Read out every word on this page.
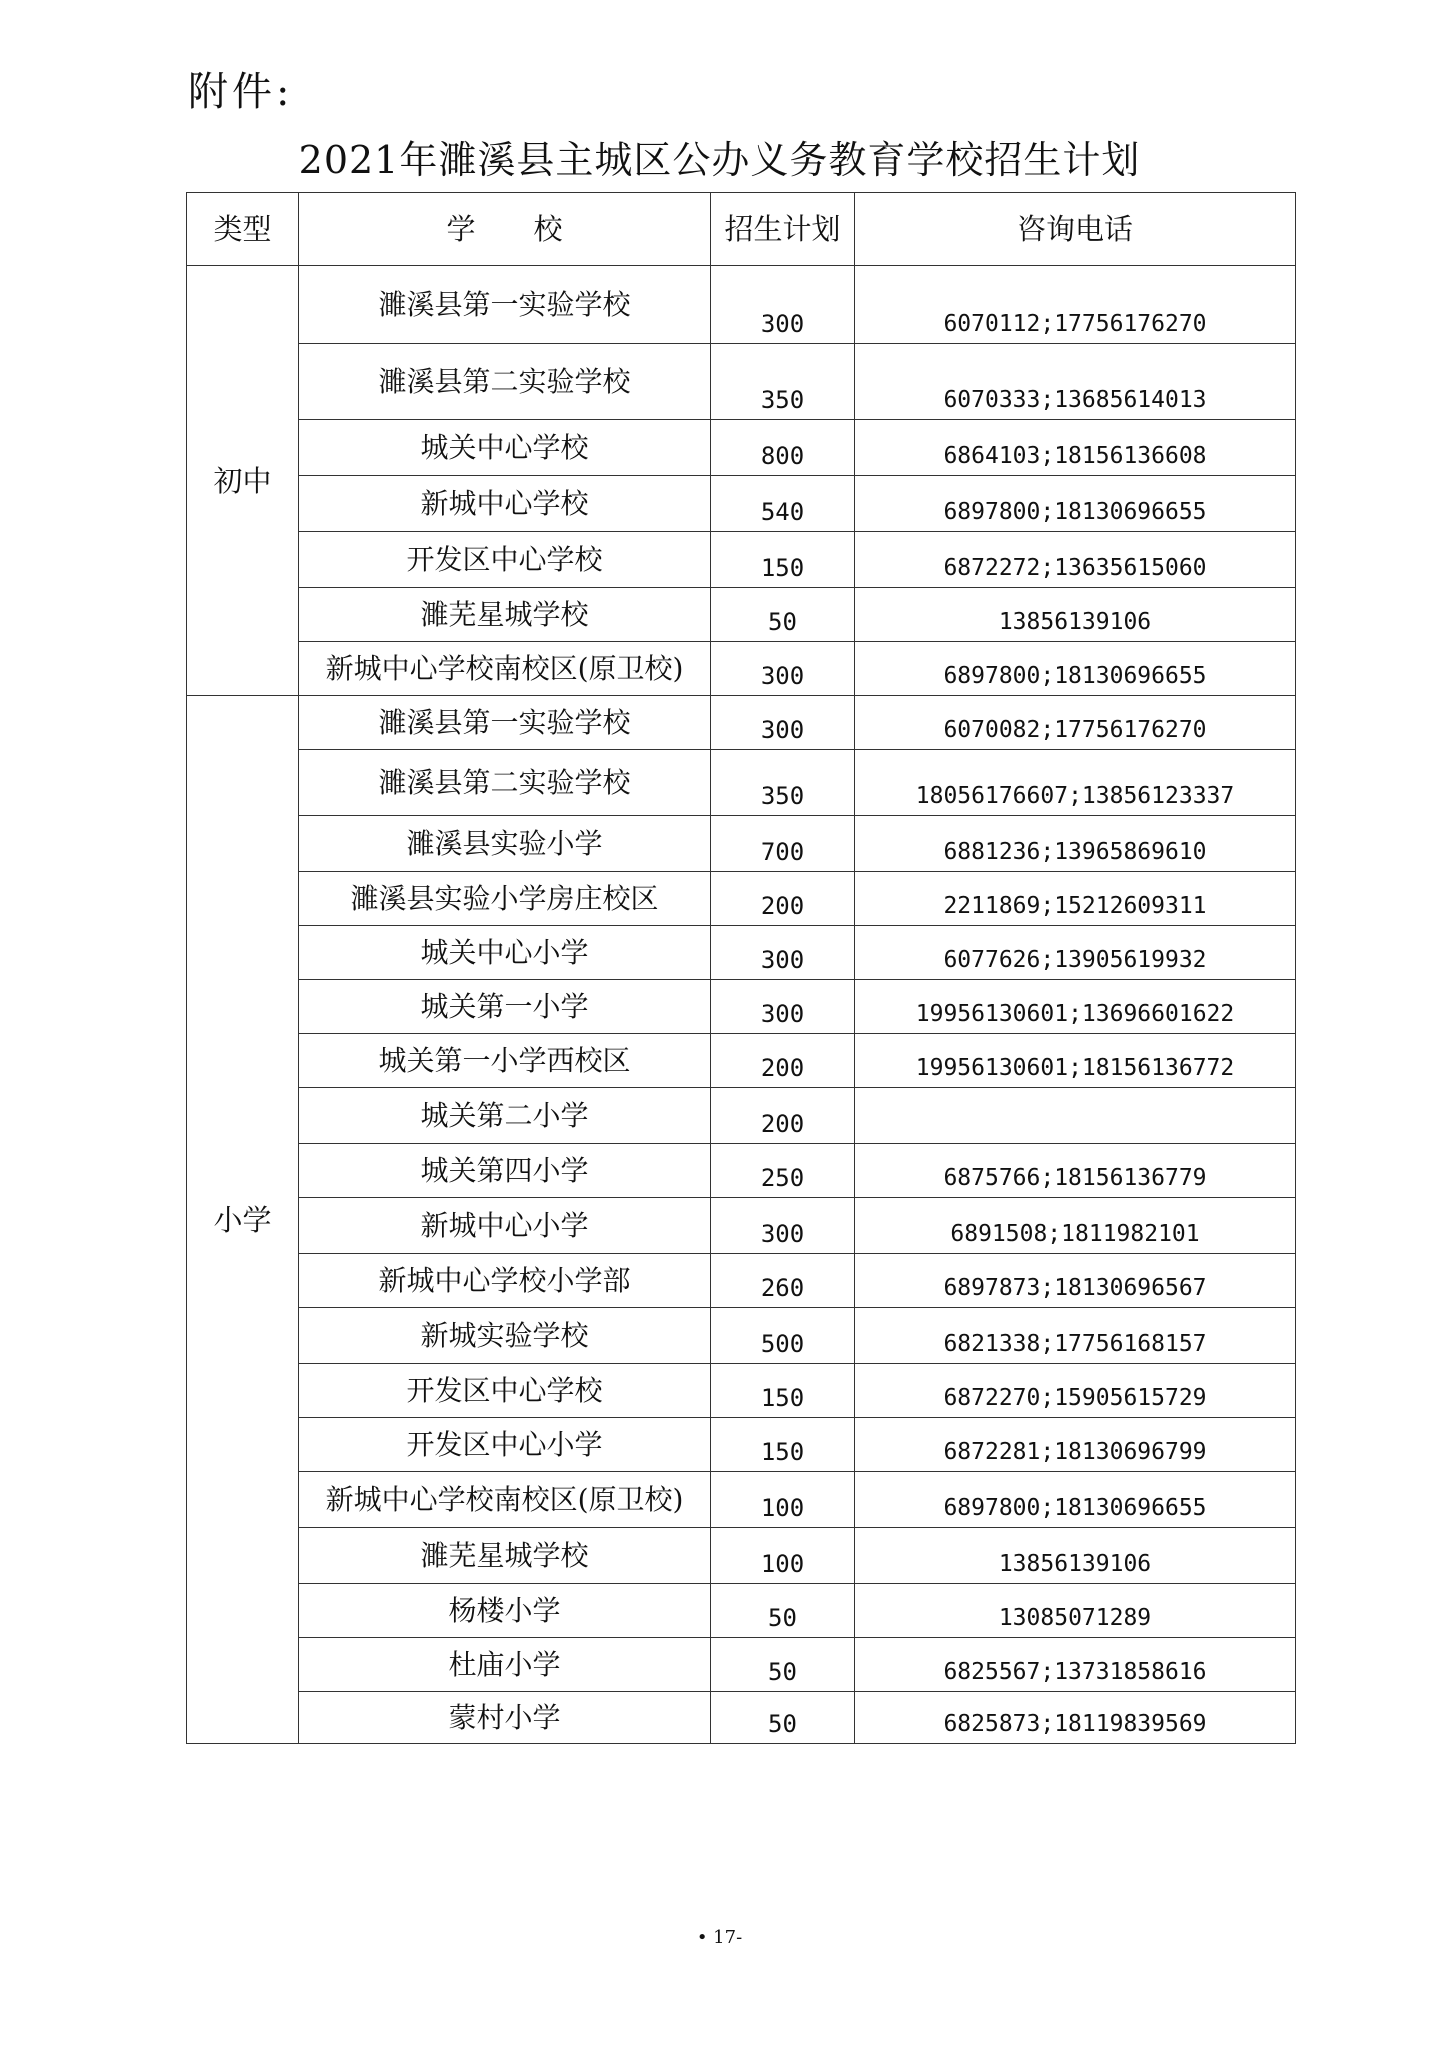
附件:
2021年濉溪县主城区公办义务教育学校招生计划
类型	学　　校	招生计划	咨询电话
初中	濉溪县第一实验学校	300	6070112;17756176270
	濉溪县第二实验学校	350	6070333;13685614013
	城关中心学校	800	6864103;18156136608
	新城中心学校	540	6897800;18130696655
	开发区中心学校	150	6872272;13635615060
	濉芜星城学校	50	13856139106
	新城中心学校南校区(原卫校)	300	6897800;18130696655
小学	濉溪县第一实验学校	300	6070082;17756176270
	濉溪县第二实验学校	350	18056176607;13856123337
	濉溪县实验小学	700	6881236;13965869610
	濉溪县实验小学房庄校区	200	2211869;15212609311
	城关中心小学	300	6077626;13905619932
	城关第一小学	300	19956130601;13696601622
	城关第一小学西校区	200	19956130601;18156136772
	城关第二小学	200	
	城关第四小学	250	6875766;18156136779
	新城中心小学	300	6891508;1811982101
	新城中心学校小学部	260	6897873;18130696567
	新城实验学校	500	6821338;17756168157
	开发区中心学校	150	6872270;15905615729
	开发区中心小学	150	6872281;18130696799
	新城中心学校南校区(原卫校)	100	6897800;18130696655
	濉芜星城学校	100	13856139106
	杨楼小学	50	13085071289
	杜庙小学	50	6825567;13731858616
	蒙村小学	50	6825873;18119839569
• 17-
